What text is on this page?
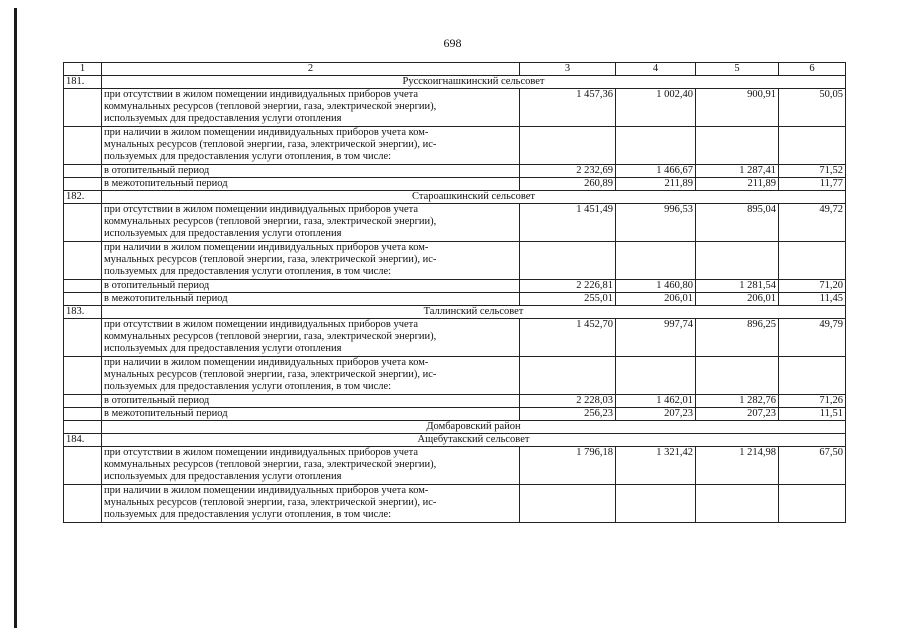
698
1	2	3	4	5	6
181.	Русскоигнашкинский сельсовет				
	при отсутствии в жилом помещении индивидуальных приборов учета
коммунальных ресурсов (тепловой энергии, газа, электрической энергии),
используемых для предоставления услуги отопления	1 457,36	1 002,40	900,91	50,05
	при наличии в жилом помещении индивидуальных приборов учета ком-
мунальных ресурсов (тепловой энергии, газа, электрической энергии), ис-
пользуемых для предоставления услуги отопления, в том числе:				
	в отопительный период	2 232,69	1 466,67	1 287,41	71,52
	в межотопительный период	260,89	211,89	211,89	11,77
182.	Староашкинский сельсовет				
	при отсутствии в жилом помещении индивидуальных приборов учета
коммунальных ресурсов (тепловой энергии, газа, электрической энергии),
используемых для предоставления услуги отопления	1 451,49	996,53	895,04	49,72
	при наличии в жилом помещении индивидуальных приборов учета ком-
мунальных ресурсов (тепловой энергии, газа, электрической энергии), ис-
пользуемых для предоставления услуги отопления, в том числе:				
	в отопительный период	2 226,81	1 460,80	1 281,54	71,20
	в межотопительный период	255,01	206,01	206,01	11,45
183.	Таллинский сельсовет				
	при отсутствии в жилом помещении индивидуальных приборов учета
коммунальных ресурсов (тепловой энергии, газа, электрической энергии),
используемых для предоставления услуги отопления	1 452,70	997,74	896,25	49,79
	при наличии в жилом помещении индивидуальных приборов учета ком-
мунальных ресурсов (тепловой энергии, газа, электрической энергии), ис-
пользуемых для предоставления услуги отопления, в том числе:				
	в отопительный период	2 228,03	1 462,01	1 282,76	71,26
	в межотопительный период	256,23	207,23	207,23	11,51
	Домбаровский район				
184.	Ащебутакский сельсовет				
	при отсутствии в жилом помещении индивидуальных приборов учета
коммунальных ресурсов (тепловой энергии, газа, электрической энергии),
используемых для предоставления услуги отопления	1 796,18	1 321,42	1 214,98	67,50
	при наличии в жилом помещении индивидуальных приборов учета ком-
мунальных ресурсов (тепловой энергии, газа, электрической энергии), ис-
пользуемых для предоставления услуги отопления, в том числе:				
